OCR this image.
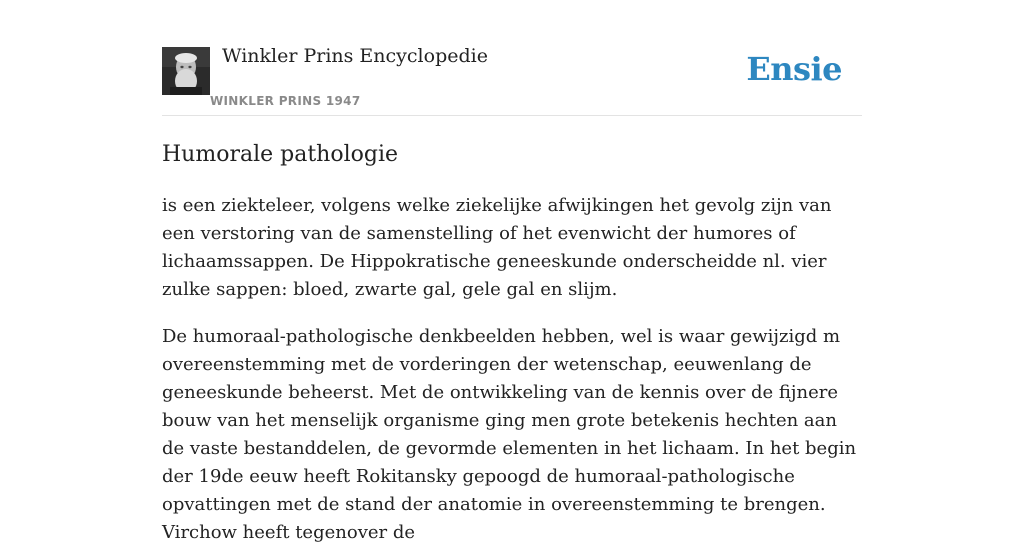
Winkler Prins Encyclopedie
WINKLER PRINS 1947
Ensie
Humorale pathologie

is een ziekteleer, volgens welke ziekelijke afwijkingen het gevolg zijn van een verstoring van de samenstelling of het evenwicht der humores of lichaamssappen. De Hippokratische geneeskunde onderscheidde nl. vier zulke sappen: bloed, zwarte gal, gele gal en slijm.

De humoraal-pathologische denkbeelden hebben, wel is waar gewijzigd m overeenstemming met de vorderingen der wetenschap, eeuwenlang de geneeskunde beheerst. Met de ontwikkeling van de kennis over de fijnere bouw van het menselijk organisme ging men grote betekenis hechten aan de vaste bestanddelen, de gevormde elementen in het lichaam. In het begin der 19de eeuw heeft Rokitansky gepoogd de humoraal-pathologische opvattingen met de stand der anatomie in overeenstemming te brengen. Virchow heeft tegenover de
